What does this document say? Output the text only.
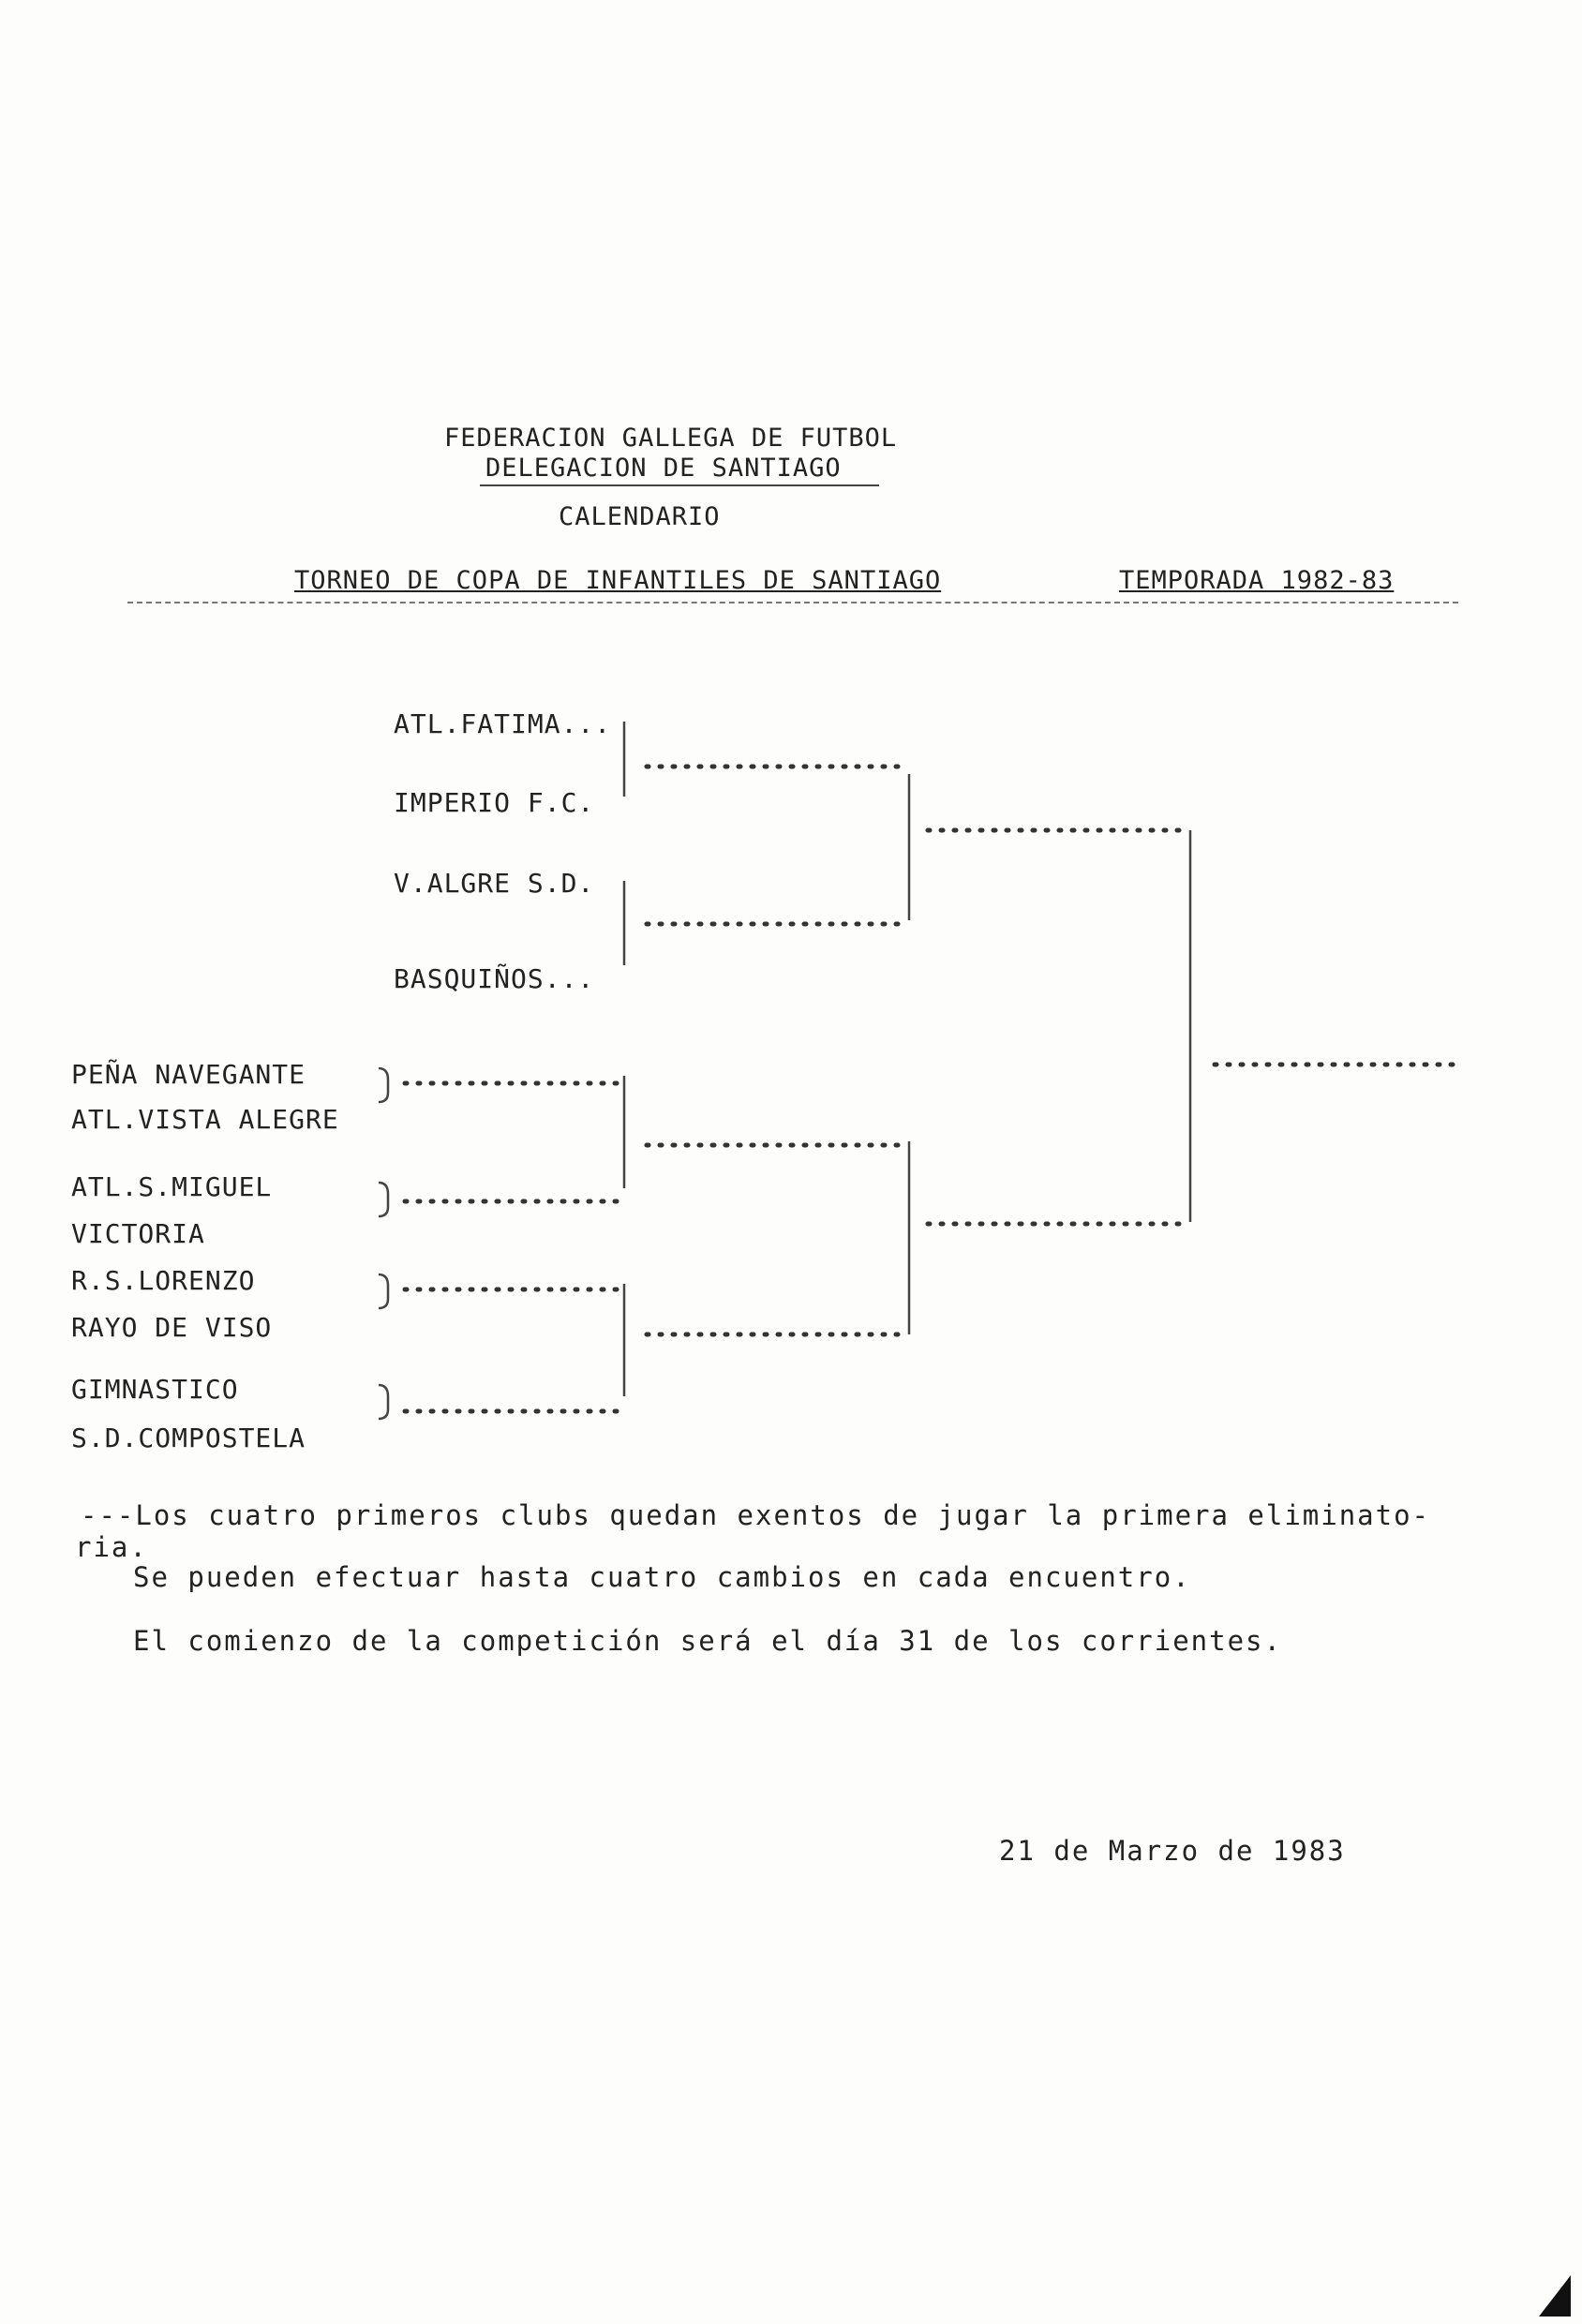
FEDERACION GALLEGA DE FUTBOL
DELEGACION DE SANTIAGO
CALENDARIO
TORNEO DE COPA DE INFANTILES DE SANTIAGO	TEMPORADA 1982-83
ATL.FATIMA...
IMPERIO F.C.
V.ALGRE S.D.
BASQUIÑOS...
PEÑA NAVEGANTE
ATL.VISTA ALEGRE
ATL.S.MIGUEL
VICTORIA
R.S.LORENZO
RAYO DE VISO
GIMNASTICO
S.D.COMPOSTELA
---Los cuatro primeros clubs quedan exentos de jugar la primera eliminato-
ria.
Se pueden efectuar hasta cuatro cambios en cada encuentro.
El comienzo de la competición será el día 31 de los corrientes.
21 de Marzo de 1983
